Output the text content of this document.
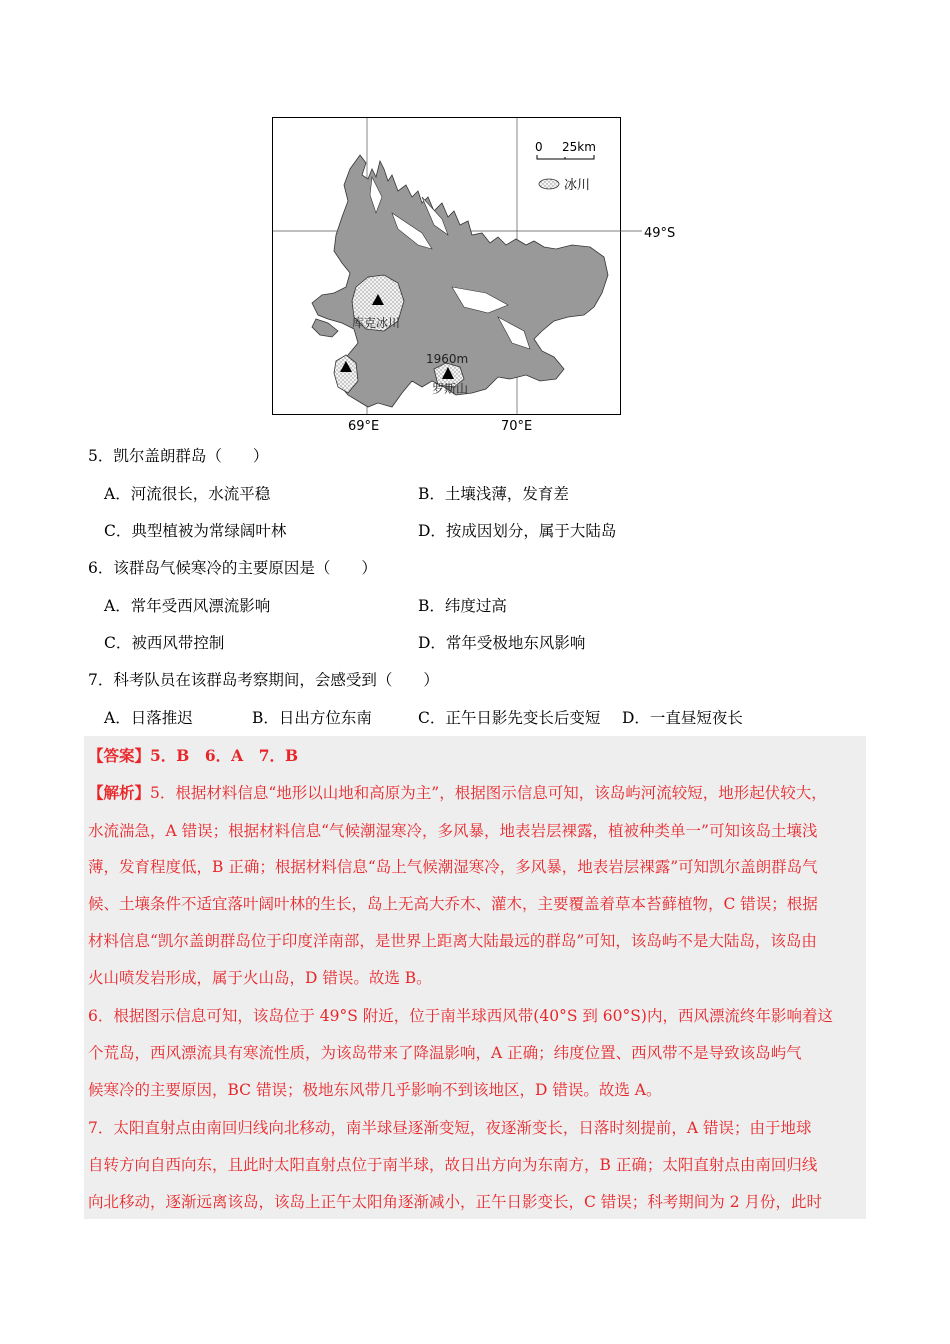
库克冰川
1960m
罗斯山
0 25km
冰川
49°S
69°E	70°E
5．凯尔盖朗群岛（　　）
A．河流很长，水流平稳	B．土壤浅薄，发育差
C．典型植被为常绿阔叶林	D．按成因划分，属于大陆岛
6．该群岛气候寒冷的主要原因是（　　）
A．常年受西风漂流影响	B．纬度过高
C．被西风带控制	D．常年受极地东风影响
7．科考队员在该群岛考察期间，会感受到（　　）
A．日落推迟	B．日出方位东南	C．正午日影先变长后变短 D．一直昼短夜长
【答案】5．B　6．A　7．B
【解析】5．根据材料信息“地形以山地和高原为主”，根据图示信息可知，该岛屿河流较短，地形起伏较大，
水流湍急，A 错误；根据材料信息“气候潮湿寒冷，多风暴，地表岩层裸露，植被种类单一”可知该岛土壤浅
薄，发育程度低，B 正确；根据材料信息“岛上气候潮湿寒冷，多风暴，地表岩层裸露”可知凯尔盖朗群岛气
候、土壤条件不适宜落叶阔叶林的生长，岛上无高大乔木、灌木，主要覆盖着草本苔藓植物，C 错误；根据
材料信息“凯尔盖朗群岛位于印度洋南部，是世界上距离大陆最远的群岛”可知，该岛屿不是大陆岛，该岛由
火山喷发岩形成，属于火山岛，D 错误。故选 B。
6．根据图示信息可知，该岛位于 49°S 附近，位于南半球西风带(40°S 到 60°S)内，西风漂流终年影响着这
个荒岛，西风漂流具有寒流性质，为该岛带来了降温影响，A 正确；纬度位置、西风带不是导致该岛屿气
候寒冷的主要原因，BC 错误；极地东风带几乎影响不到该地区，D 错误。故选 A。
7．太阳直射点由南回归线向北移动，南半球昼逐渐变短，夜逐渐变长，日落时刻提前，A 错误；由于地球
自转方向自西向东，且此时太阳直射点位于南半球，故日出方向为东南方，B 正确；太阳直射点由南回归线
向北移动，逐渐远离该岛，该岛上正午太阳角逐渐减小，正午日影变长，C 错误；科考期间为 2 月份，此时
